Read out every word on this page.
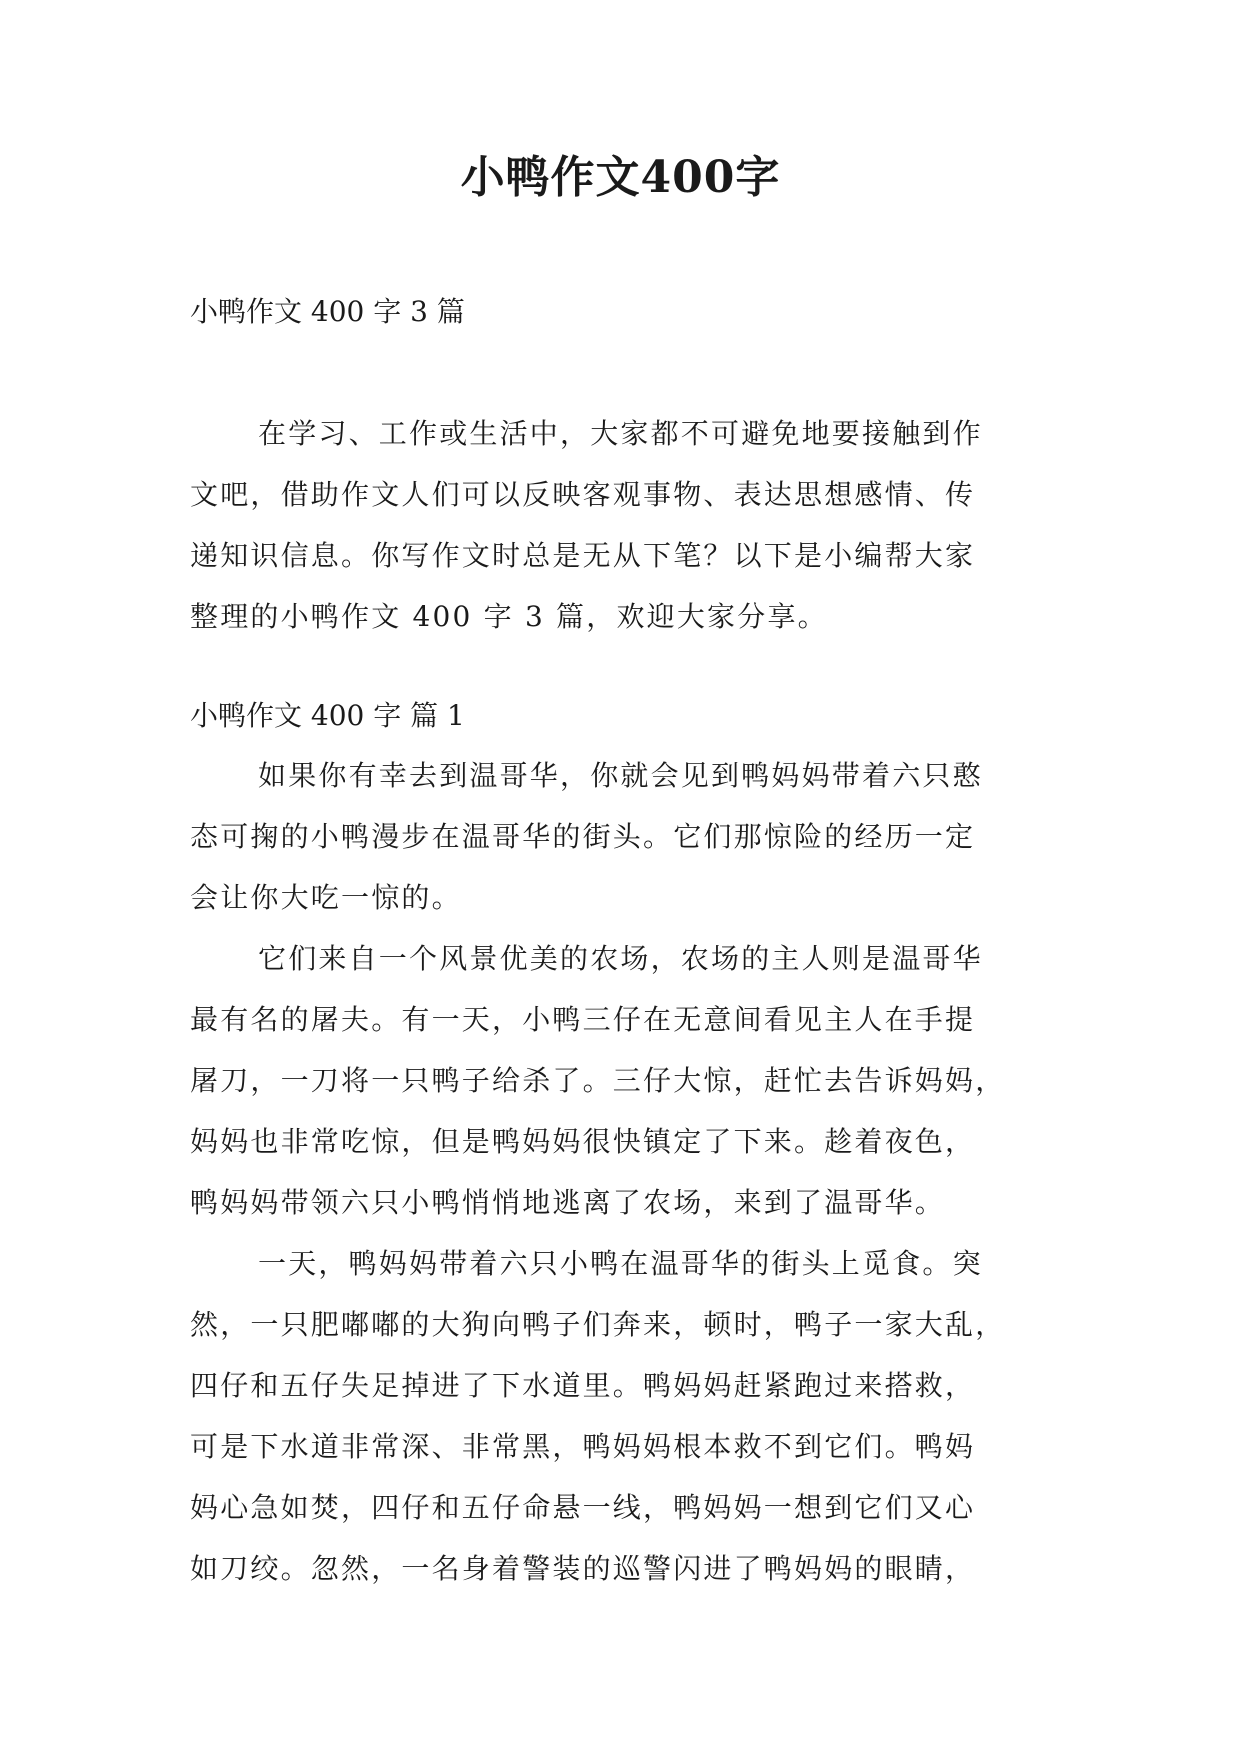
小鸭作文400字

小鸭作文 400 字 3 篇

在学习、工作或生活中，大家都不可避免地要接触到作
文吧，借助作文人们可以反映客观事物、表达思想感情、传
递知识信息。你写作文时总是无从下笔？以下是小编帮大家
整理的小鸭作文 400 字 3 篇，欢迎大家分享。

小鸭作文 400 字 篇 1

如果你有幸去到温哥华，你就会见到鸭妈妈带着六只憨
态可掬的小鸭漫步在温哥华的街头。它们那惊险的经历一定
会让你大吃一惊的。
它们来自一个风景优美的农场，农场的主人则是温哥华
最有名的屠夫。有一天，小鸭三仔在无意间看见主人在手提
屠刀，一刀将一只鸭子给杀了。三仔大惊，赶忙去告诉妈妈，
妈妈也非常吃惊，但是鸭妈妈很快镇定了下来。趁着夜色，
鸭妈妈带领六只小鸭悄悄地逃离了农场，来到了温哥华。
一天，鸭妈妈带着六只小鸭在温哥华的街头上觅食。突
然，一只肥嘟嘟的大狗向鸭子们奔来，顿时，鸭子一家大乱，
四仔和五仔失足掉进了下水道里。鸭妈妈赶紧跑过来搭救，
可是下水道非常深、非常黑，鸭妈妈根本救不到它们。鸭妈
妈心急如焚，四仔和五仔命悬一线，鸭妈妈一想到它们又心
如刀绞。忽然，一名身着警装的巡警闪进了鸭妈妈的眼睛，
